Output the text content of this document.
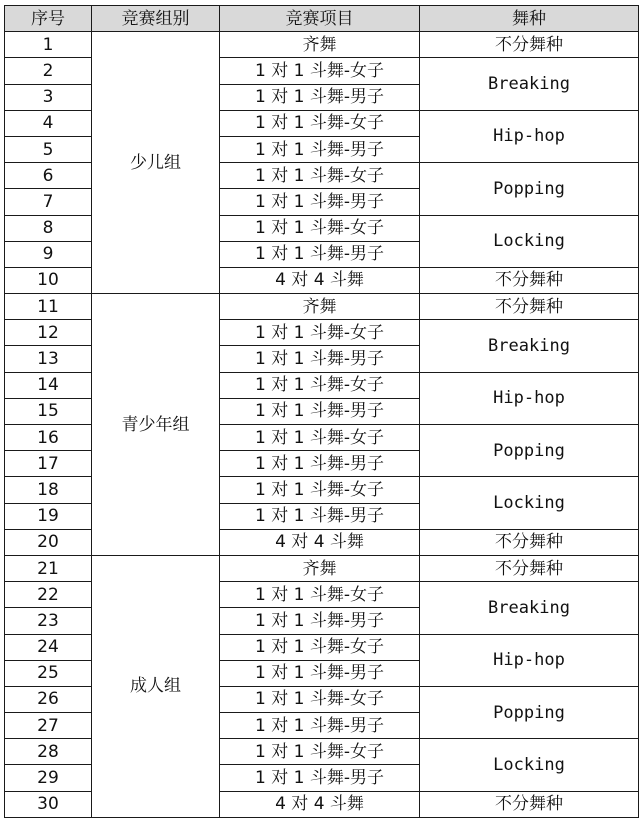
序号	竞赛组别	竞赛项目	舞种
1	少儿组	齐舞	不分舞种
2		1 对 1 斗舞-女子	Breaking
3		1 对 1 斗舞-男子	
4		1 对 1 斗舞-女子	Hip-hop
5		1 对 1 斗舞-男子	
6		1 对 1 斗舞-女子	Popping
7		1 对 1 斗舞-男子	
8		1 对 1 斗舞-女子	Locking
9		1 对 1 斗舞-男子	
10		4 对 4 斗舞	不分舞种
11	青少年组	齐舞	不分舞种
12		1 对 1 斗舞-女子	Breaking
13		1 对 1 斗舞-男子	
14		1 对 1 斗舞-女子	Hip-hop
15		1 对 1 斗舞-男子	
16		1 对 1 斗舞-女子	Popping
17		1 对 1 斗舞-男子	
18		1 对 1 斗舞-女子	Locking
19		1 对 1 斗舞-男子	
20		4 对 4 斗舞	不分舞种
21	成人组	齐舞	不分舞种
22		1 对 1 斗舞-女子	Breaking
23		1 对 1 斗舞-男子	
24		1 对 1 斗舞-女子	Hip-hop
25		1 对 1 斗舞-男子	
26		1 对 1 斗舞-女子	Popping
27		1 对 1 斗舞-男子	
28		1 对 1 斗舞-女子	Locking
29		1 对 1 斗舞-男子	
30		4 对 4 斗舞	不分舞种
